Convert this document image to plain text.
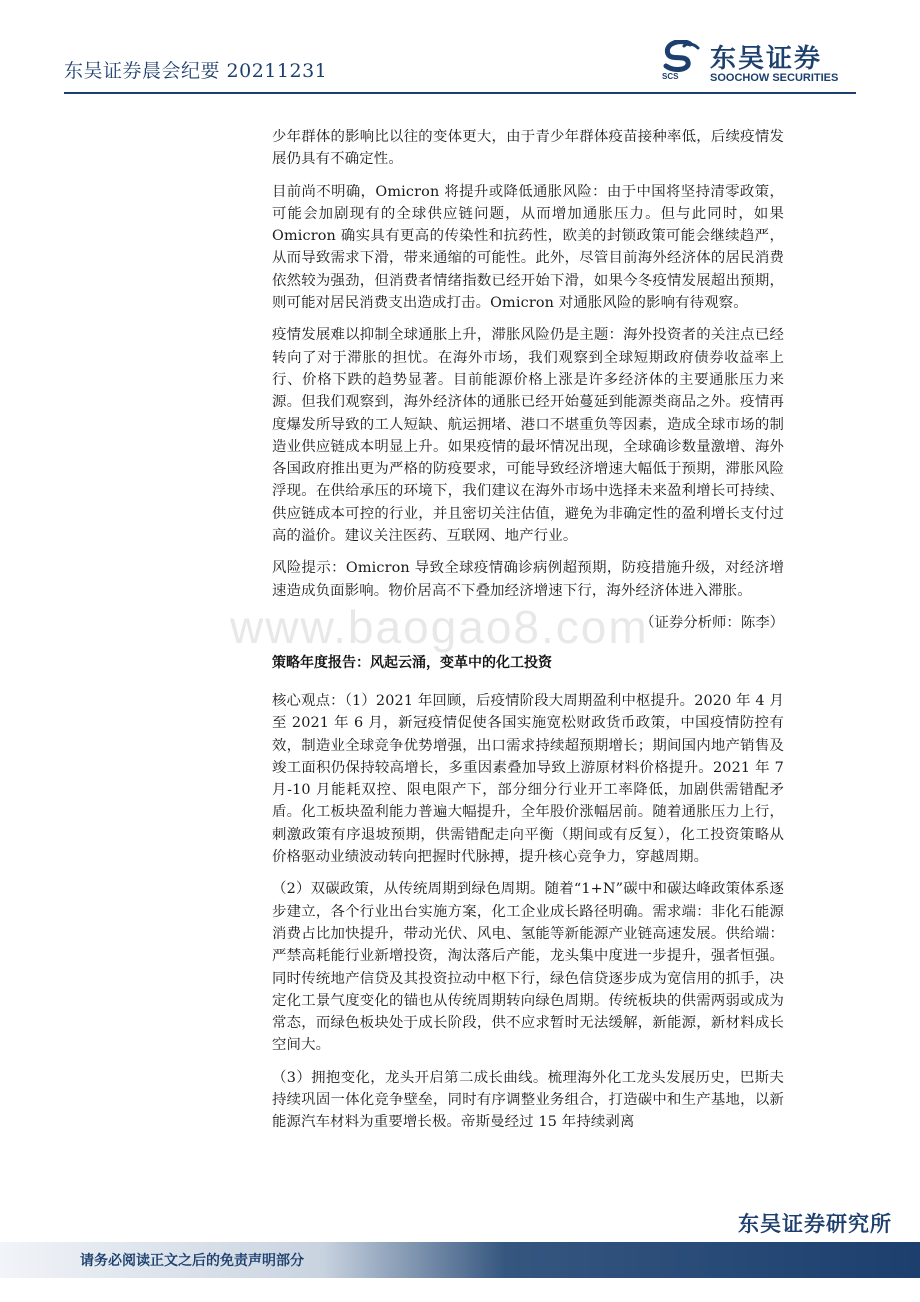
东吴证券晨会纪要 20211231	SCS
东吴证券
SOOCHOW SECURITIES

少年群体的影响比以往的变体更大，由于青少年群体疫苗接种率低，后续疫情发展仍具有不确定性。

目前尚不明确，Omicron 将提升或降低通胀风险：由于中国将坚持清零政策，可能会加剧现有的全球供应链问题，从而增加通胀压力。但与此同时，如果 Omicron 确实具有更高的传染性和抗药性，欧美的封锁政策可能会继续趋严，从而导致需求下滑，带来通缩的可能性。此外，尽管目前海外经济体的居民消费依然较为强劲，但消费者情绪指数已经开始下滑，如果今冬疫情发展超出预期，则可能对居民消费支出造成打击。Omicron 对通胀风险的影响有待观察。

疫情发展难以抑制全球通胀上升，滞胀风险仍是主题：海外投资者的关注点已经转向了对于滞胀的担忧。在海外市场，我们观察到全球短期政府债券收益率上行、价格下跌的趋势显著。目前能源价格上涨是许多经济体的主要通胀压力来源。但我们观察到，海外经济体的通胀已经开始蔓延到能源类商品之外。疫情再度爆发所导致的工人短缺、航运拥堵、港口不堪重负等因素，造成全球市场的制造业供应链成本明显上升。如果疫情的最坏情况出现，全球确诊数量激增、海外各国政府推出更为严格的防疫要求，可能导致经济增速大幅低于预期，滞胀风险浮现。在供给承压的环境下，我们建议在海外市场中选择未来盈利增长可持续、供应链成本可控的行业，并且密切关注估值，避免为非确定性的盈利增长支付过高的溢价。建议关注医药、互联网、地产行业。

风险提示：Omicron 导致全球疫情确诊病例超预期，防疫措施升级，对经济增速造成负面影响。物价居高不下叠加经济增速下行，海外经济体进入滞胀。

（证券分析师：陈李）
策略年度报告：风起云涌，变革中的化工投资

核心观点：（1）2021 年回顾，后疫情阶段大周期盈利中枢提升。2020 年 4 月至 2021 年 6 月，新冠疫情促使各国实施宽松财政货币政策，中国疫情防控有效，制造业全球竞争优势增强，出口需求持续超预期增长；期间国内地产销售及竣工面积仍保持较高增长，多重因素叠加导致上游原材料价格提升。2021 年 7 月-10 月能耗双控、限电限产下，部分细分行业开工率降低，加剧供需错配矛盾。化工板块盈利能力普遍大幅提升，全年股价涨幅居前。随着通胀压力上行，刺激政策有序退坡预期，供需错配走向平衡（期间或有反复），化工投资策略从价格驱动业绩波动转向把握时代脉搏，提升核心竞争力，穿越周期。

（2）双碳政策，从传统周期到绿色周期。随着“1+N”碳中和碳达峰政策体系逐步建立，各个行业出台实施方案，化工企业成长路径明确。需求端：非化石能源消费占比加快提升，带动光伏、风电、氢能等新能源产业链高速发展。供给端：严禁高耗能行业新增投资，淘汰落后产能，龙头集中度进一步提升，强者恒强。同时传统地产信贷及其投资拉动中枢下行，绿色信贷逐步成为宽信用的抓手，决定化工景气度变化的锚也从传统周期转向绿色周期。传统板块的供需两弱或成为常态，而绿色板块处于成长阶段，供不应求暂时无法缓解，新能源，新材料成长空间大。

（3）拥抱变化，龙头开启第二成长曲线。梳理海外化工龙头发展历史，巴斯夫持续巩固一体化竞争壁垒，同时有序调整业务组合，打造碳中和生产基地，以新能源汽车材料为重要增长极。帝斯曼经过 15 年持续剥离

www.baogao8.com
东吴证券研究所
请务必阅读正文之后的免责声明部分
